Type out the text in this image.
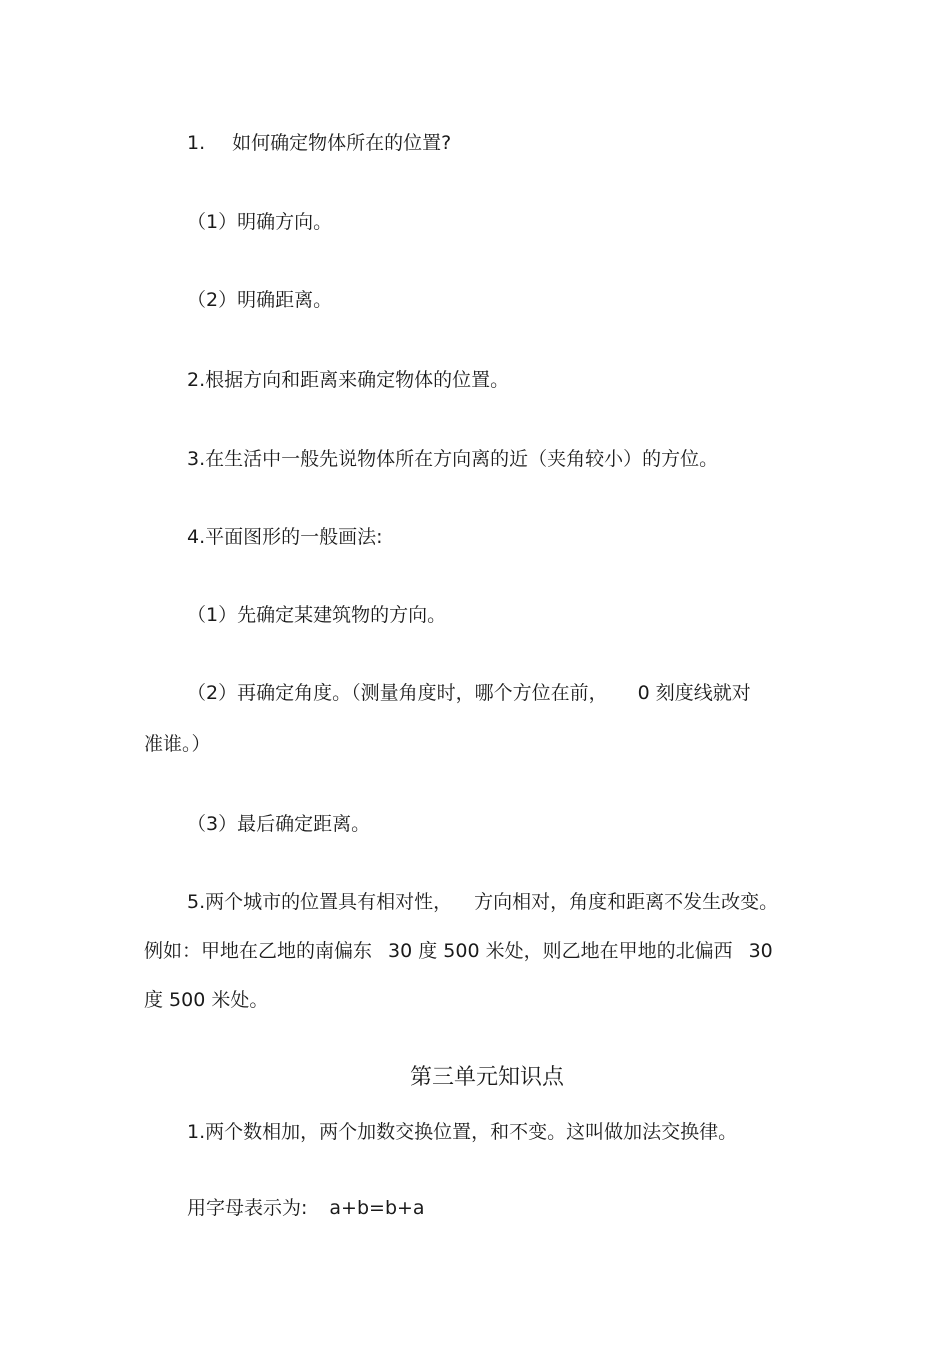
1. 如何确定物体所在的位置?

（1）明确方向。

（2）明确距离。

2.根据方向和距离来确定物体的位置。

3.在生活中一般先说物体所在方向离的近（夹角较小）的方位。

4.平面图形的一般画法:

（1）先确定某建筑物的方向。

（2）再确定角度。（测量角度时，哪个方位在前， 0 刻度线就对

准谁。）

（3）最后确定距离。

5.两个城市的位置具有相对性， 方向相对，角度和距离不发生改变。

例如：甲地在乙地的南偏东 30 度 500 米处，则乙地在甲地的北偏西 30

度 500 米处。

第三单元知识点

1.两个数相加，两个加数交换位置，和不变。这叫做加法交换律。

用字母表示为: a+b=b+a
